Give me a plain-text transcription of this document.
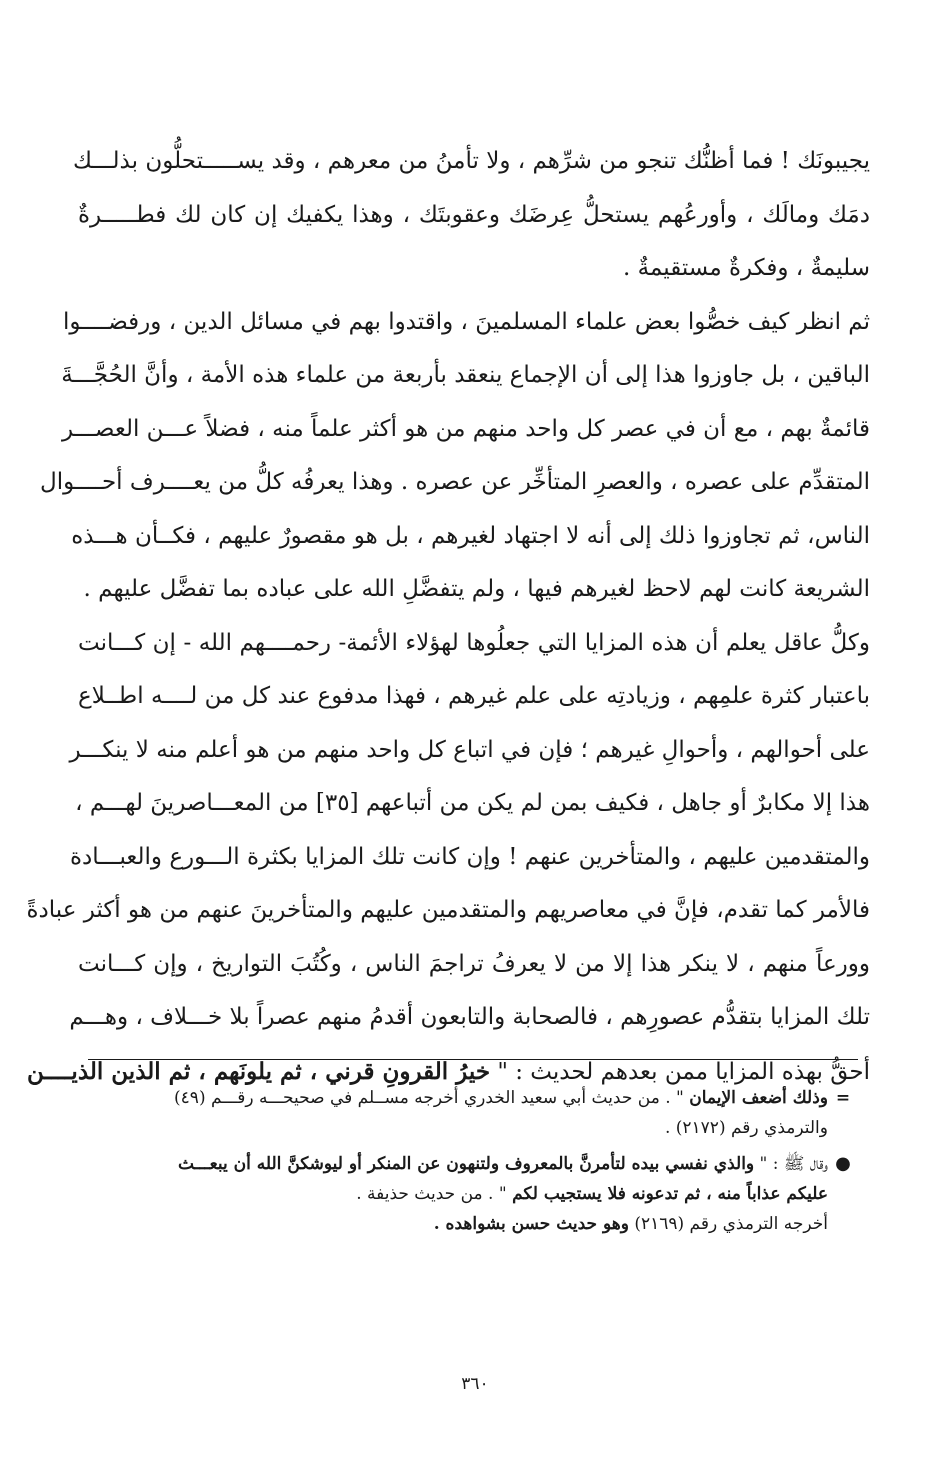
يجيبونَك ! فما أظنُّك تنجو من شرِّهم ، ولا تأمنُ من معرهم ، وقد يســـــتحلُّون بذلـــك
دمَك ومالَك ، وأورعُهم يستحلُّ عِرضَك وعقوبتَك ، وهذا يكفيك إن كان لك فطـــــرةٌ
سليمةٌ ، وفكرةٌ مستقيمةٌ .
ثم انظر كيف خصُّوا بعض علماء المسلمينَ ، واقتدوا بهم في مسائل الدين ، ورفضــــوا
الباقين ، بل جاوزوا هذا إلى أن الإجماع ينعقد بأربعة من علماء هذه الأمة ، وأنَّ الحُجَّـــةَ
قائمةٌ بهم ، مع أن في عصر كل واحد منهم من هو أكثر علماً منه ، فضلاً عـــن العصـــر
المتقدِّم على عصره ، والعصرِ المتأخِّر عن عصره . وهذا يعرفُه كلُّ من يعــــرف أحــــوال
الناس، ثم تجاوزوا ذلك إلى أنه لا اجتهاد لغيرهم ، بل هو مقصورٌ عليهم ، فكــأن هـــذه
الشريعة كانت لهم لاحظ لغيرهم فيها ، ولم يتفضَّلِ الله على عباده بما تفضَّل عليهم .
وكلُّ عاقل يعلم أن هذه المزايا التي جعلُوها لهؤلاء الأئمة- رحمــــهم الله - إن كـــانت
باعتبار كثرة علمِهم ، وزيادتِه على علم غيرهم ، فهذا مدفوع عند كل من لــــه اطــلاع
على أحوالهم ، وأحوالِ غيرهم ؛ فإن في اتباع كل واحد منهم من هو أعلم منه لا ينكـــر
هذا إلا مكابرٌ أو جاهل ، فكيف بمن لم يكن من أتباعهم [٣٥] من المعـــاصرينَ لهـــم ،
والمتقدمين عليهم ، والمتأخرين عنهم ! وإن كانت تلك المزايا بكثرة الـــورع والعبـــادة
فالأمر كما تقدم، فإنَّ في معاصريهم والمتقدمين عليهم والمتأخرينَ عنهم من هو أكثر عبادةً
وورعاً منهم ، لا ينكر هذا إلا من لا يعرفُ تراجمَ الناس ، وكُتُبَ التواريخ ، وإن كـــانت
تلك المزايا بتقدُّم عصورِهم ، فالصحابة والتابعون أقدمُ منهم عصراً بلا خـــلاف ، وهـــم
أحقُّ بهذه المزايا ممن بعدهم لحديث : " خيرُ القرونِ قرني ، ثم يلونَهم ، ثم الذين الذيــــن
=وذلك أضعف الإيمان " . من حديث أبي سعيد الخدري أخرجه مســلم في صحيحـــه رقـــم (٤٩)
والترمذي رقم (٢١٧٢) .
●وقال ﷺ : " والذي نفسي بيده لتأمرنَّ بالمعروف ولتنهون عن المنكر أو ليوشكنَّ الله أن يبعـــث
عليكم عذاباً منه ، ثم تدعونه فلا يستجيب لكم " . من حديث حذيفة .
أخرجه الترمذي رقم (٢١٦٩) وهو حديث حسن بشواهده .
٣٦٠
